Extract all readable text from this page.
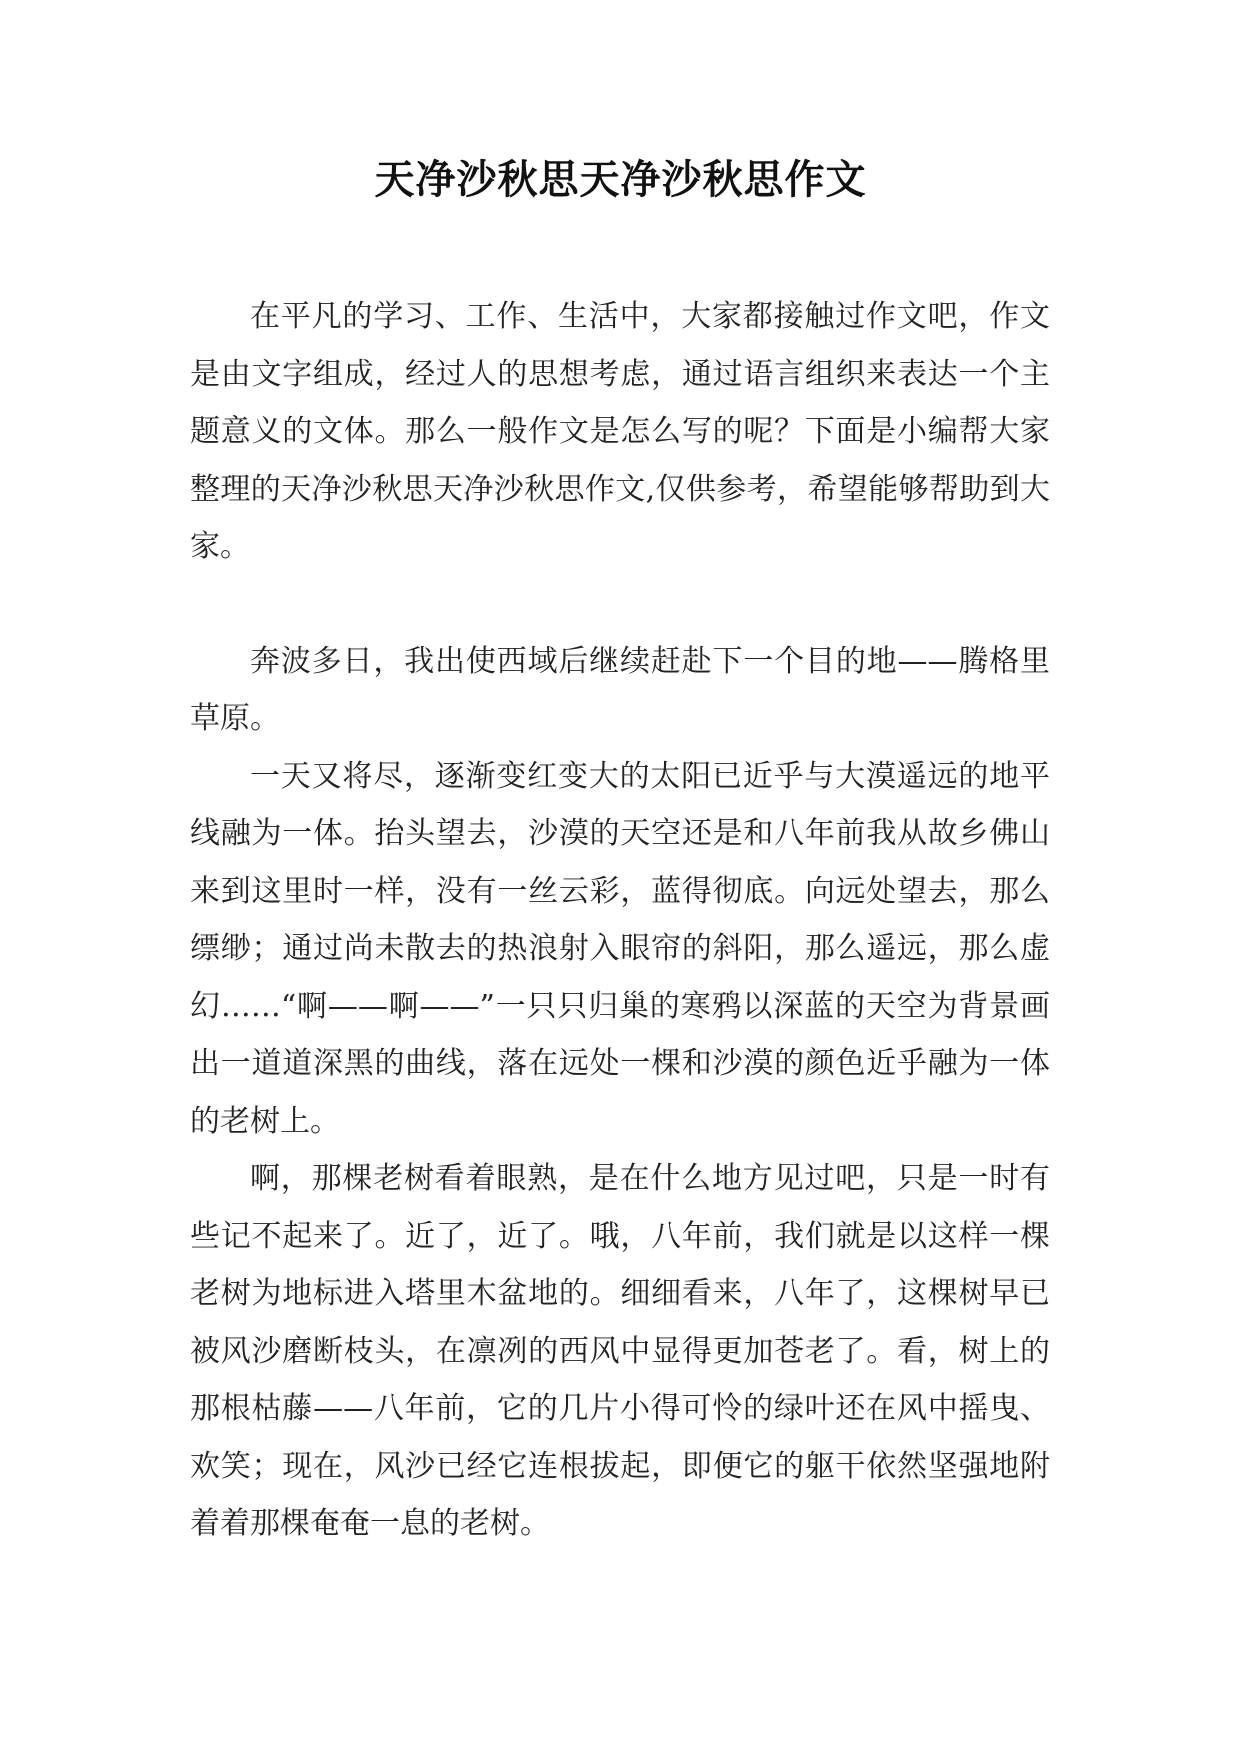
天净沙秋思天净沙秋思作文

在平凡的学习、工作、生活中，大家都接触过作文吧，作文是由文字组成，经过人的思想考虑，通过语言组织来表达一个主题意义的文体。那么一般作文是怎么写的呢？下面是小编帮大家整理的天净沙秋思天净沙秋思作文,仅供参考，希望能够帮助到大家。

奔波多日，我出使西域后继续赶赴下一个目的地——腾格里草原。

一天又将尽，逐渐变红变大的太阳已近乎与大漠遥远的地平线融为一体。抬头望去，沙漠的天空还是和八年前我从故乡佛山来到这里时一样，没有一丝云彩，蓝得彻底。向远处望去，那么缥缈；通过尚未散去的热浪射入眼帘的斜阳，那么遥远，那么虚幻……“啊——啊——”一只只归巢的寒鸦以深蓝的天空为背景画出一道道深黑的曲线，落在远处一棵和沙漠的颜色近乎融为一体的老树上。

啊，那棵老树看着眼熟，是在什么地方见过吧，只是一时有些记不起来了。近了，近了。哦，八年前，我们就是以这样一棵老树为地标进入塔里木盆地的。细细看来，八年了，这棵树早已被风沙磨断枝头，在凛冽的西风中显得更加苍老了。看，树上的那根枯藤——八年前，它的几片小得可怜的绿叶还在风中摇曳、欢笑；现在，风沙已经它连根拔起，即便它的躯干依然坚强地附着着那棵奄奄一息的老树。
